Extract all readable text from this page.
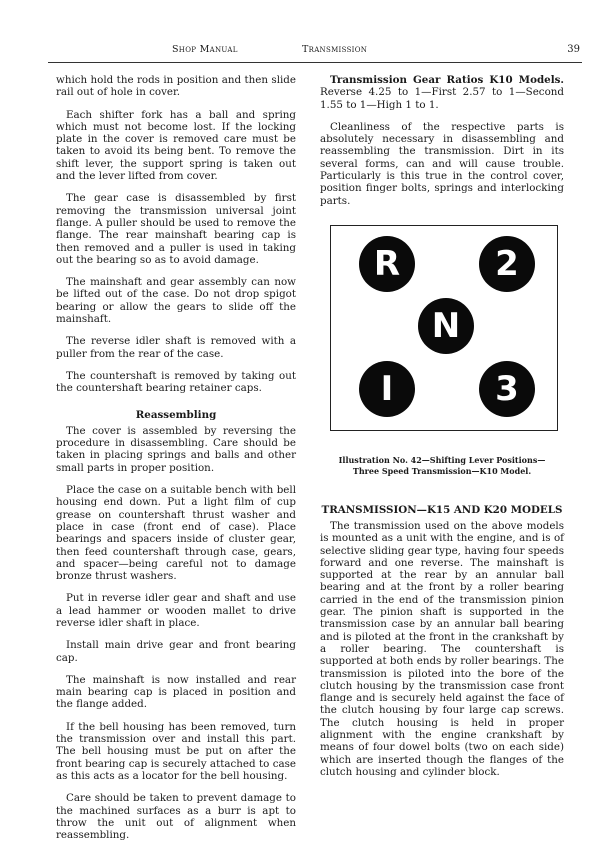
Shop Manual	Transmission	39

which hold the rods in position and then slide rail out of hole in cover.

Each shifter fork has a ball and spring which must not become lost. If the locking plate in the cover is removed care must be taken to avoid its being bent. To remove the shift lever, the support spring is taken out and the lever lifted from cover.

The gear case is disassembled by first removing the transmission universal joint flange. A puller should be used to remove the flange. The rear mainshaft bearing cap is then removed and a puller is used in taking out the bearing so as to avoid damage.

The mainshaft and gear assembly can now be lifted out of the case. Do not drop spigot bearing or allow the gears to slide off the mainshaft.

The reverse idler shaft is removed with a puller from the rear of the case.

The countershaft is removed by taking out the countershaft bearing retainer caps.

Reassembling

The cover is assembled by reversing the procedure in disassembling. Care should be taken in placing springs and balls and other small parts in proper position.

Place the case on a suitable bench with bell housing end down. Put a light film of cup grease on countershaft thrust washer and place in case (front end of case). Place bearings and spacers inside of cluster gear, then feed countershaft through case, gears, and spacer—being careful not to damage bronze thrust washers.

Put in reverse idler gear and shaft and use a lead hammer or wooden mallet to drive reverse idler shaft in place.

Install main drive gear and front bearing cap.

The mainshaft is now installed and rear main bearing cap is placed in position and the flange added.

If the bell housing has been removed, turn the transmission over and install this part. The bell housing must be put on after the front bearing cap is securely attached to case as this acts as a locator for the bell housing.

Care should be taken to prevent damage to the machined surfaces as a burr is apt to throw the unit out of alignment when reassembling.

Transmission Gear Ratios K10 Models. Reverse 4.25 to 1—First 2.57 to 1—Second 1.55 to 1—High 1 to 1.

Cleanliness of the respective parts is absolutely necessary in disassembling and reassembling the transmission. Dirt in its several forms, can and will cause trouble. Particularly is this true in the control cover, position finger bolts, springs and interlocking parts.

R	2
N
I	3
Illustration No. 42—Shifting Lever Positions—
Three Speed Transmission—K10 Model.
TRANSMISSION—K15 AND K20 MODELS

The transmission used on the above models is mounted as a unit with the engine, and is of selective sliding gear type, having four speeds forward and one reverse. The mainshaft is supported at the rear by an annular ball bearing and at the front by a roller bearing carried in the end of the transmission pinion gear. The pinion shaft is supported in the transmission case by an annular ball bearing and is piloted at the front in the crankshaft by a roller bearing. The countershaft is supported at both ends by roller bearings. The transmission is piloted into the bore of the clutch housing by the transmission case front flange and is securely held against the face of the clutch housing by four large cap screws. The clutch housing is held in proper alignment with the engine crankshaft by means of four dowel bolts (two on each side) which are inserted though the flanges of the clutch housing and cylinder block.
